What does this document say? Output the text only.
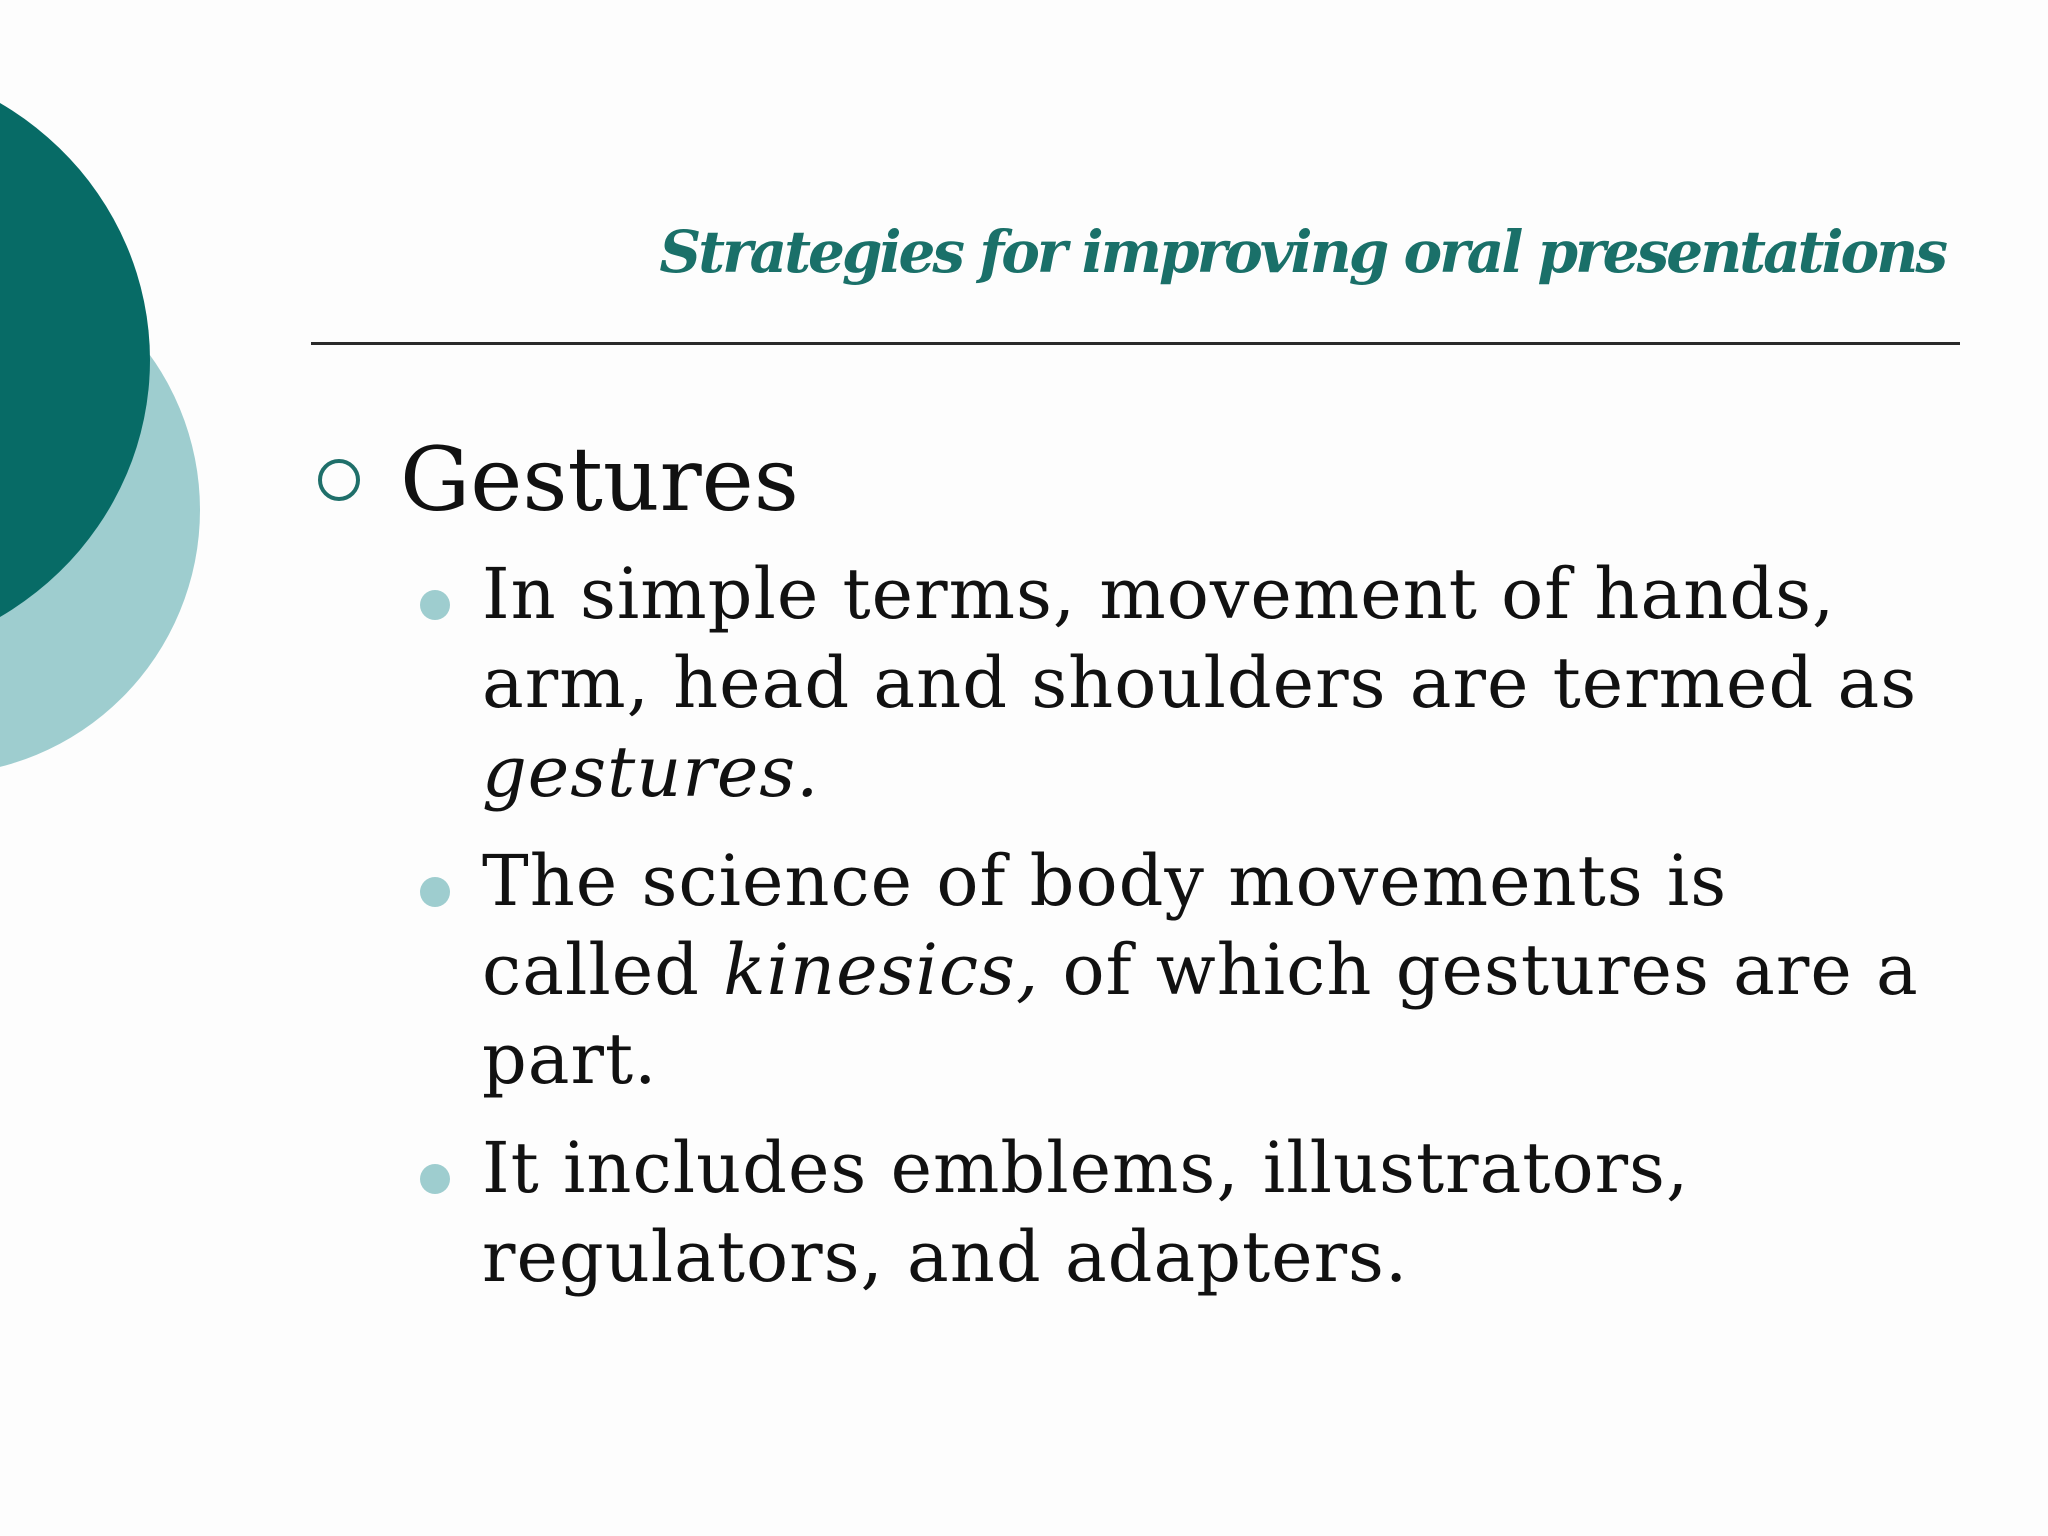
Strategies for improving oral presentations
Gestures
In simple terms, movement of hands,
arm, head and shoulders are termed as
gestures.
The science of body movements is
called kinesics, of which gestures are a
part.
It includes emblems, illustrators,
regulators, and adapters.
